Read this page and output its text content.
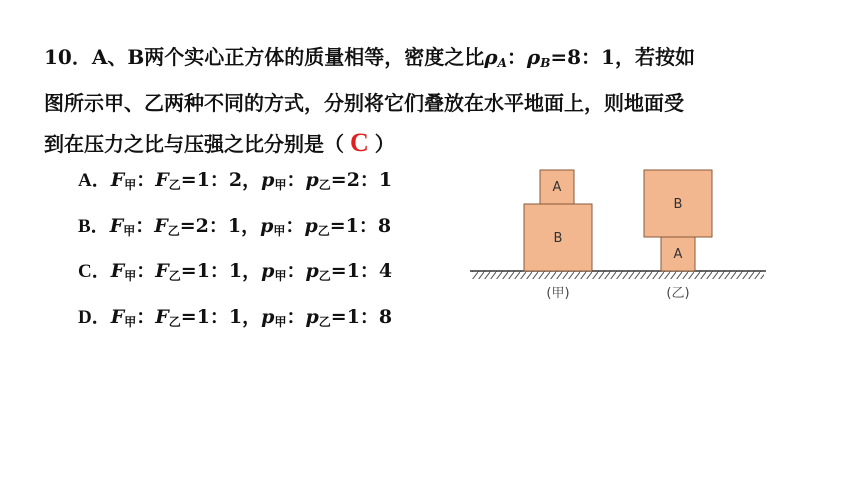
10．A、B两个实心正方体的质量相等，密度之比$\rho_A$：$\rho_B=8$：1，若按如
图所示甲、乙两种不同的方式，分别将它们叠放在水平地面上，则地面受
到在压力之比与压强之比分别是（ C ）
A．$F_甲$：$F_乙=1$：2，$p_甲$：$p_乙=2$：1
B．$F_甲$：$F_乙=2$：1，$p_甲$：$p_乙=1$：8
C．$F_甲$：$F_乙=1$：1，$p_甲$：$p_乙=1$：4
D．$F_甲$：$F_乙=1$：1，$p_甲$：$p_乙=1$：8
B
A
B
A
(甲)	(乙)
